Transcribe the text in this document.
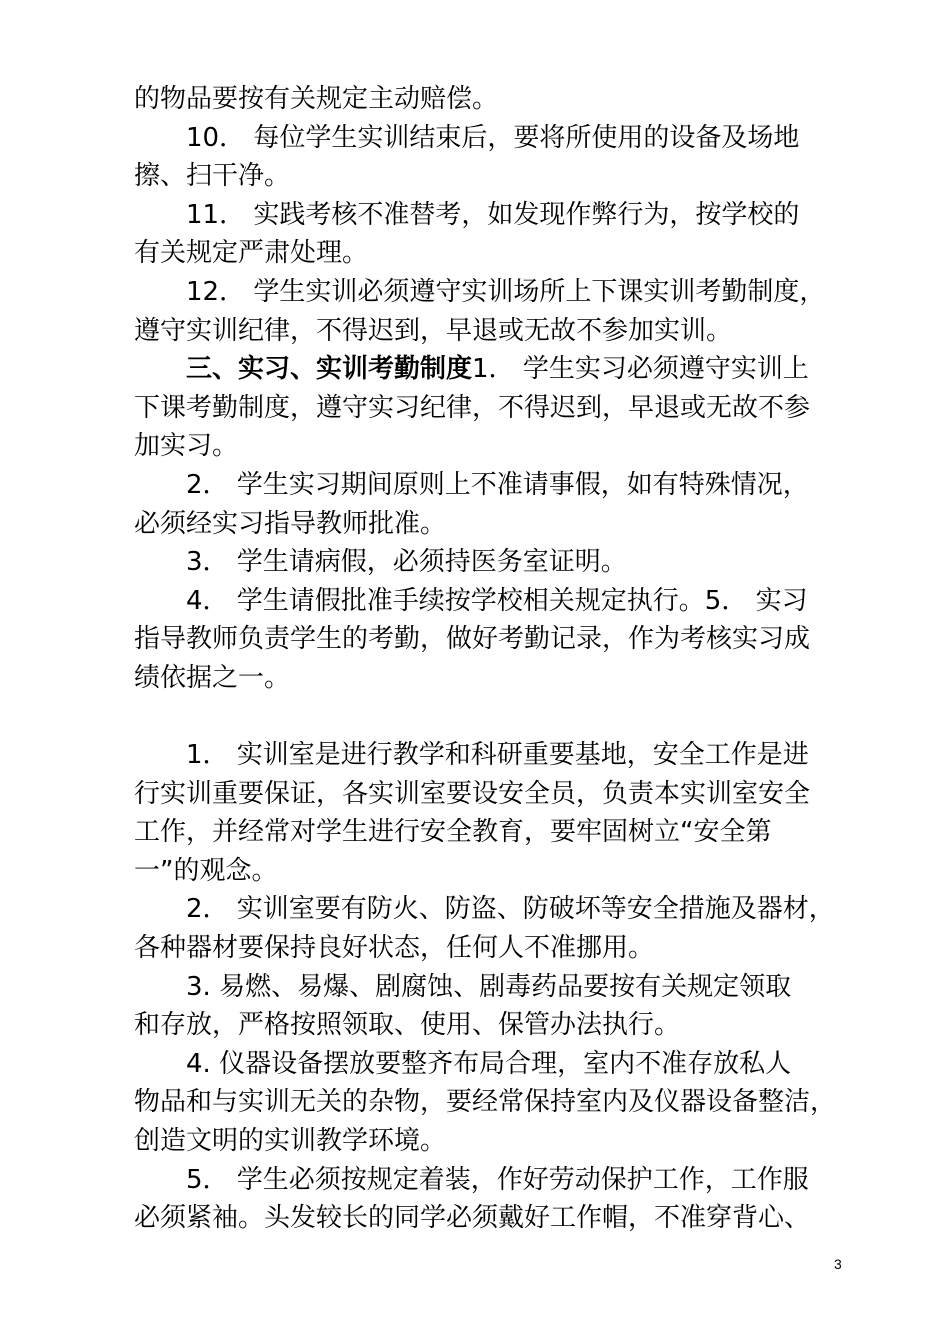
的物品要按有关规定主动赔偿。
10． 每位学生实训结束后，要将所使用的设备及场地
擦、扫干净。
11． 实践考核不准替考，如发现作弊行为，按学校的
有关规定严肃处理。
12． 学生实训必须遵守实训场所上下课实训考勤制度，
遵守实训纪律，不得迟到，早退或无故不参加实训。
三、实习、实训考勤制度1． 学生实习必须遵守实训上
下课考勤制度，遵守实习纪律，不得迟到，早退或无故不参
加实习。
2． 学生实习期间原则上不准请事假，如有特殊情况，
必须经实习指导教师批准。
3． 学生请病假，必须持医务室证明。
4． 学生请假批准手续按学校相关规定执行。5． 实习
指导教师负责学生的考勤，做好考勤记录，作为考核实习成
绩依据之一。
1． 实训室是进行教学和科研重要基地，安全工作是进
行实训重要保证，各实训室要设安全员，负责本实训室安全
工作，并经常对学生进行安全教育，要牢固树立“安全第
一”的观念。
2． 实训室要有防火、防盗、防破坏等安全措施及器材，
各种器材要保持良好状态，任何人不准挪用。
3. 易燃、易爆、剧腐蚀、剧毒药品要按有关规定领取
和存放，严格按照领取、使用、保管办法执行。
4. 仪器设备摆放要整齐布局合理，室内不准存放私人
物品和与实训无关的杂物，要经常保持室内及仪器设备整洁，
创造文明的实训教学环境。
5． 学生必须按规定着装，作好劳动保护工作，工作服
必须紧袖。头发较长的同学必须戴好工作帽，不准穿背心、
3
